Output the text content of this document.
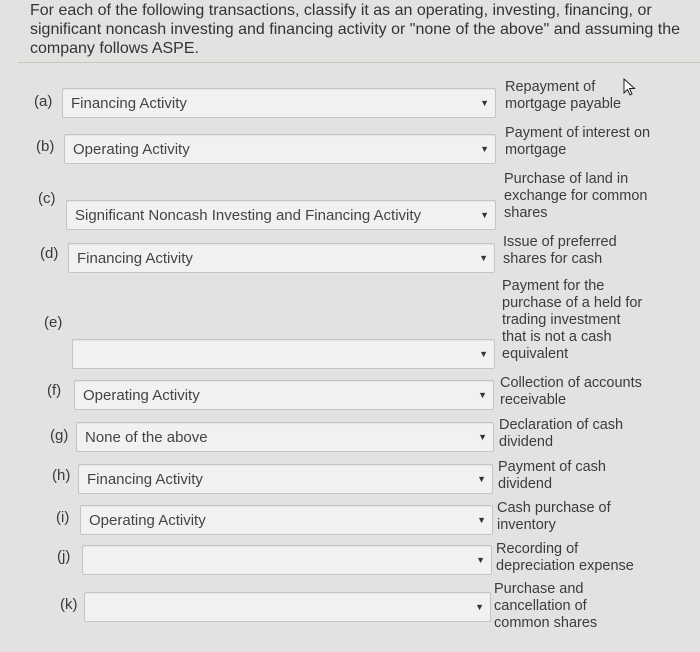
For each of the following transactions, classify it as an operating, investing, financing, or significant noncash investing and financing activity or "none of the above" and assuming the company follows ASPE.
(a) Financing Activity	▼
Repayment of
mortgage payable
(b) Operating Activity	▼
Payment of interest on
mortgage
(c)
Significant Noncash Investing and Financing Activity	▼
Purchase of land in
exchange for common
shares
(d) Financing Activity	▼
Issue of preferred
shares for cash
(e)
▼
Payment for the
purchase of a held for
trading investment
that is not a cash
equivalent
(f) Operating Activity	▼
Collection of accounts
receivable
(g) None of the above	▼
Declaration of cash
dividend
(h) Financing Activity	▼
Payment of cash
dividend
(i) Operating Activity	▼
Cash purchase of
inventory
(j)	▼
Recording of
depreciation expense
(k)	▼
Purchase and
cancellation of
common shares
